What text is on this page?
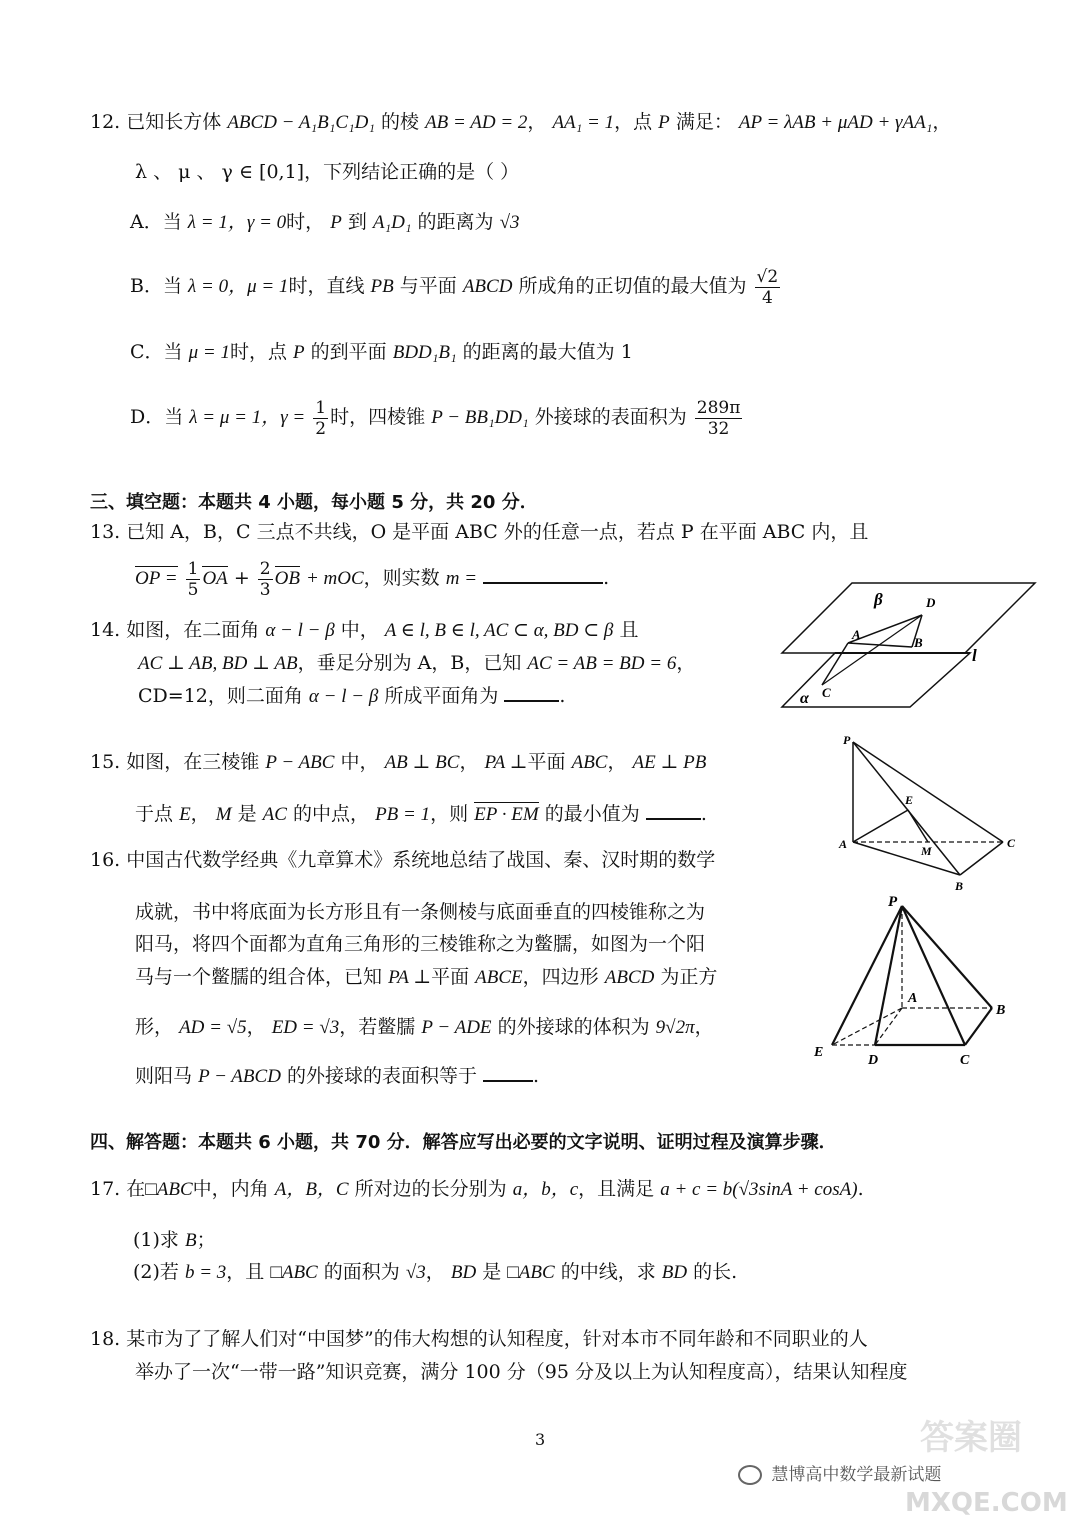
12. 已知长方体 ABCD − A₁B₁C₁D₁ 的棱 AB = AD = 2， AA₁ = 1，点 P 满足： AP = λAB + μAD + γAA₁，
λ 、 μ 、 γ ∈ [0,1]，下列结论正确的是（ ）
A．当 λ = 1，γ = 0时， P 到 A₁D₁ 的距离为 √3
B．当 λ = 0，μ = 1时，直线 PB 与平面 ABCD 所成角的正切值的最大值为 $\frac{√2}{4}$
C．当 μ = 1时，点 P 的到平面 BDD₁B₁ 的距离的最大值为 1
D．当 λ = μ = 1，$\gamma = \frac{1}{2}$ 时，四棱锥 P − BB₁DD₁ 外接球的表面积为 $\frac{289\pi}{32}$
三、填空题：本题共 4 小题，每小题 5 分，共 20 分．
13. 已知 A，B，C 三点不共线，O 是平面 ABC 外的任意一点，若点 P 在平面 ABC 内，且
OP = $\frac{1}{5}$ OA + $\frac{2}{3}$ OB + mOC，则实数 m =	.
14. 如图，在二面角 α − l − β 中， A ∈ l, B ∈ l, AC ⊂ α, BD ⊂ β 且
AC ⊥ AB, BD ⊥ AB，垂足分别为 A，B，已知 AC = AB = BD = 6，
CD=12，则二面角 α − l − β 所成平面角为	.
β	D
A
B
l
α C
15. 如图，在三棱锥 P − ABC 中， AB ⊥ BC， PA ⊥平面 ABC， AE ⊥ PB
于点 E， M 是 AC 的中点， PB = 1，则 EP · EM 的最小值为	.
P
E
A	M
C
B
16. 中国古代数学经典《九章算术》系统地总结了战国、秦、汉时期的数学
成就，书中将底面为长方形且有一条侧棱与底面垂直的四棱锥称之为
阳马，将四个面都为直角三角形的三棱锥称之为鳖臑，如图为一个阳
马与一个鳖臑的组合体，已知 PA ⊥平面 ABCE，四边形 ABCD 为正方
形， AD = √5， ED = √3，若鳖臑 P − ADE 的外接球的体积为 9√2π，
则阳马 P − ABCD 的外接球的表面积等于	.
P
A
B
E
D	C
四、解答题：本题共 6 小题，共 70 分．解答应写出必要的文字说明、证明过程及演算步骤．
17. 在□ABC中，内角 A，B，C 所对边的长分别为 a，b，c，且满足 a + c = b(√3sinA + cosA).
(1)求 B；
(2)若 b = 3，且 □ABC 的面积为 √3， BD 是 □ABC 的中线，求 BD 的长.
18. 某市为了了解人们对“中国梦”的伟大构想的认知程度，针对本市不同年龄和不同职业的人
举办了一次“一带一路”知识竞赛，满分 100 分（95 分及以上为认知程度高），结果认知程度
3
慧博高中数学最新试题
答案圈
MXQE.COM
